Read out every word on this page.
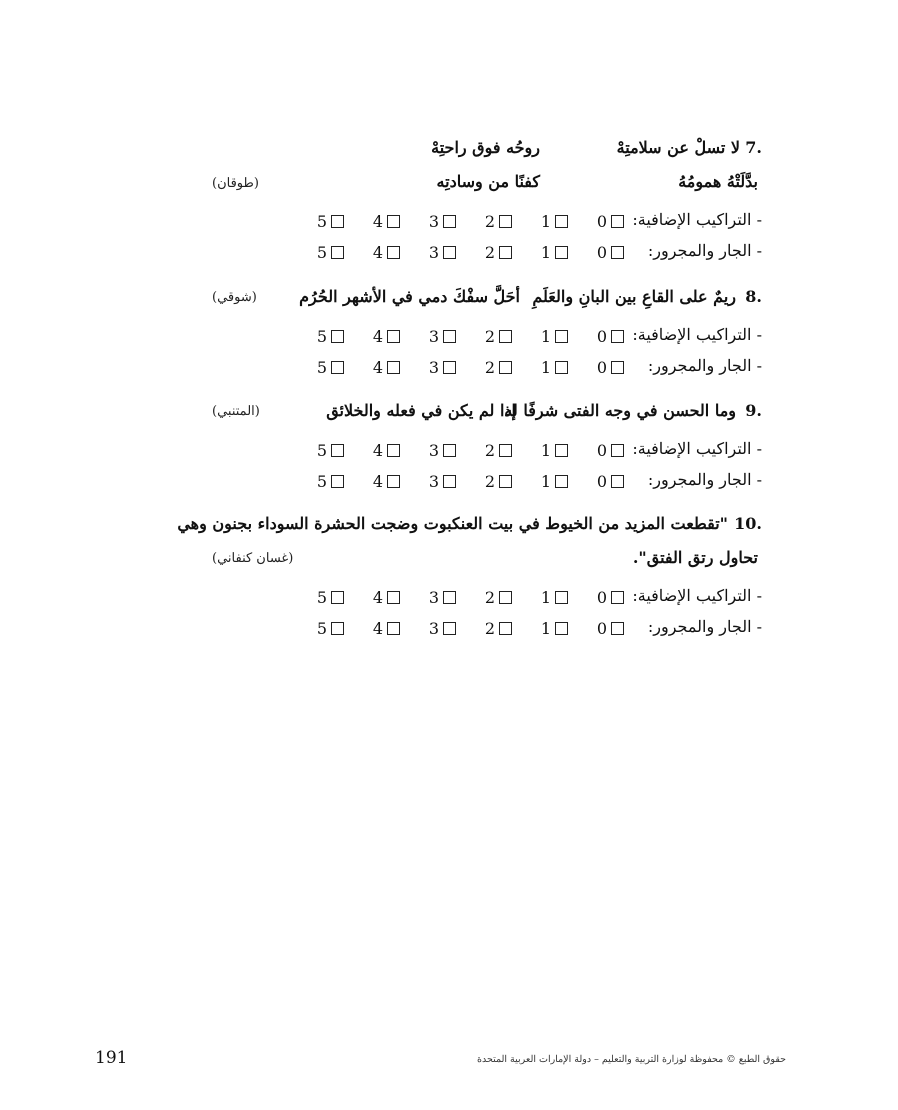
7.
لا تسلْ عن سلامتِهْ
روحُه فوق راحتِهْ
بدَّلَتْهُ همومُهُ
كفنًا من وسادتِه
(طوقان)
- التراكيب الإضافية:
0
1
2
3
4
5
- الجار والمجرور:
0
1
2
3
4
5
8.
ريمٌ على القاعِ بين البانِ والعَلَمِ
أحَلَّ سفْكَ دمي في الأشهر الحُرُم
(شوقي)
- التراكيب الإضافية:
0
1
2
3
4
5
- الجار والمجرور:
0
1
2
3
4
5
9.
وما الحسن في وجه الفتى شرفًا له
إذا لم يكن في فعله والخلائق
(المتنبي)
- التراكيب الإضافية:
0
1
2
3
4
5
- الجار والمجرور:
0
1
2
3
4
5
10.
"تقطعت المزيد من الخيوط في بيت العنكبوت وضجت الحشرة السوداء بجنون وهي
تحاول رتق الفتق".
(غسان كنفاني)
- التراكيب الإضافية:
0
1
2
3
4
5
- الجار والمجرور:
0
1
2
3
4
5
191	حقوق الطبع © محفوظة لوزارة التربية والتعليم – دولة الإمارات العربية المتحدة
